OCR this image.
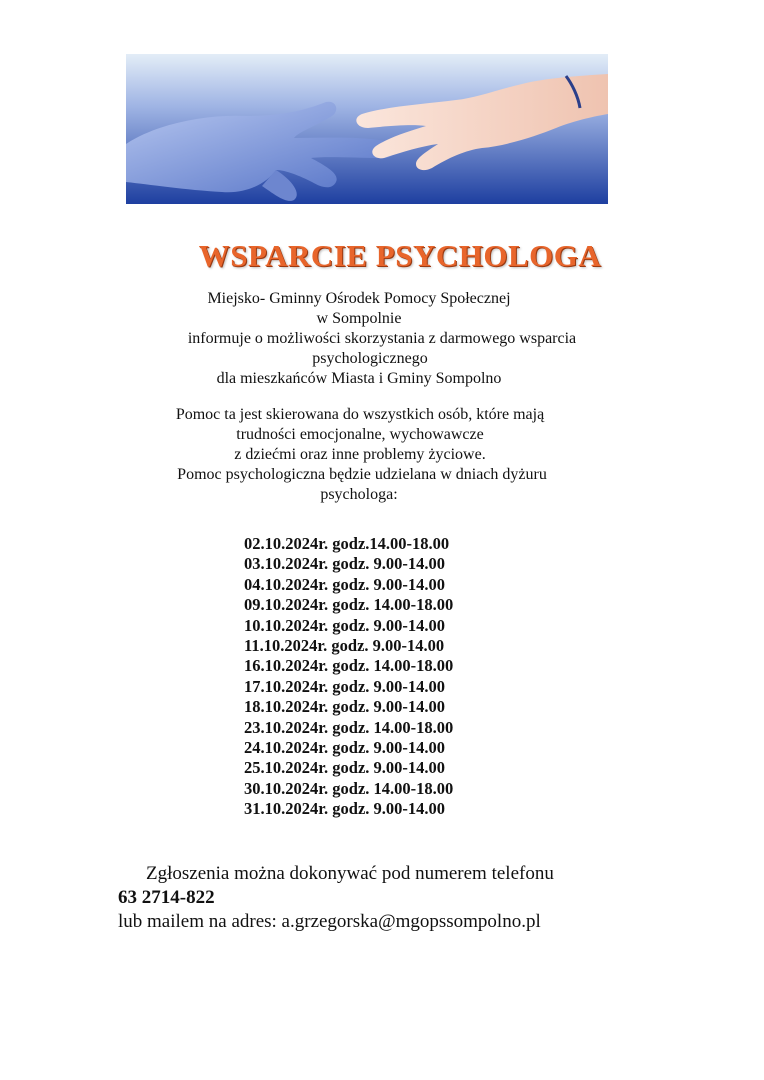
WSPARCIE PSYCHOLOGA
Miejsko- Gminny Ośrodek Pomocy Społecznej
w Sompolnie
informuje o możliwości skorzystania z darmowego wsparcia
psychologicznego
dla mieszkańców Miasta i Gminy Sompolno
Pomoc ta jest skierowana do wszystkich osób, które mają
trudności emocjonalne, wychowawcze
z dziećmi oraz inne problemy życiowe.
Pomoc psychologiczna będzie udzielana w dniach dyżuru
psychologa:
02.10.2024r. godz.14.00-18.00
03.10.2024r. godz. 9.00-14.00
04.10.2024r. godz. 9.00-14.00
09.10.2024r. godz. 14.00-18.00
10.10.2024r. godz. 9.00-14.00
11.10.2024r. godz. 9.00-14.00
16.10.2024r. godz. 14.00-18.00
17.10.2024r. godz. 9.00-14.00
18.10.2024r. godz. 9.00-14.00
23.10.2024r. godz. 14.00-18.00
24.10.2024r. godz. 9.00-14.00
25.10.2024r. godz. 9.00-14.00
30.10.2024r. godz. 14.00-18.00
31.10.2024r. godz. 9.00-14.00
Zgłoszenia można dokonywać pod numerem telefonu
63 2714-822
lub mailem na adres: a.grzegorska@mgopssompolno.pl
